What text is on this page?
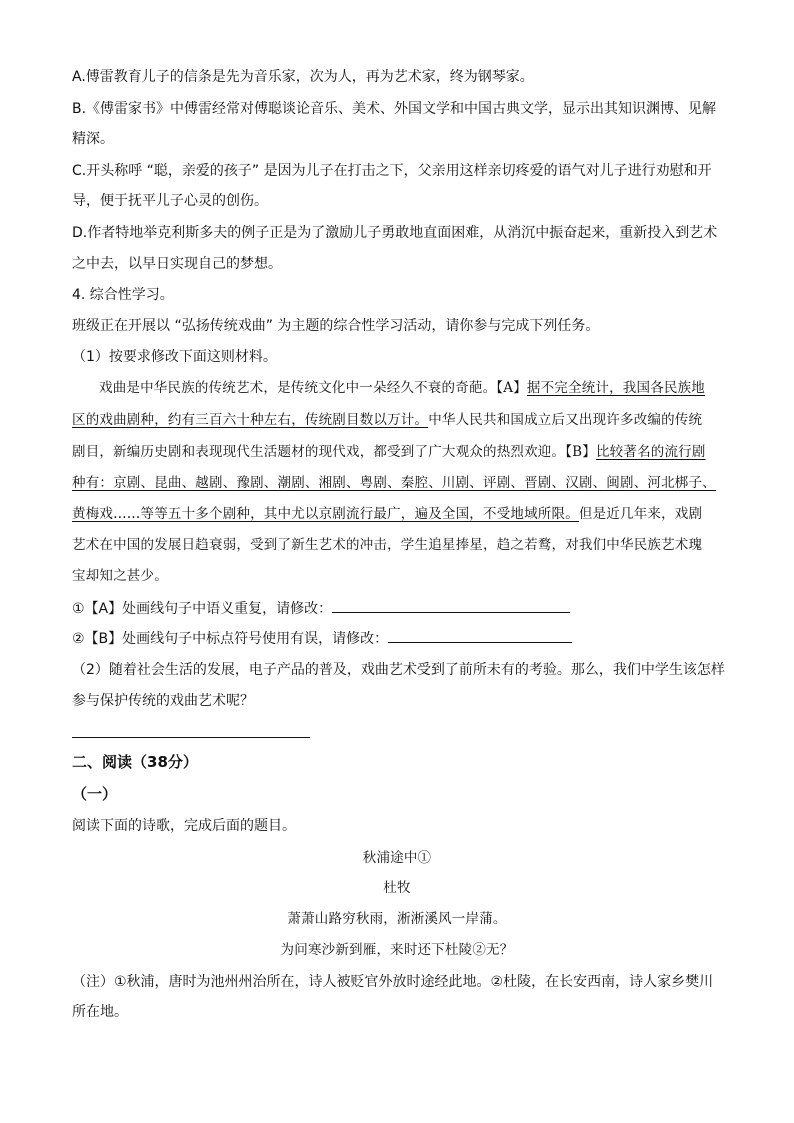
A.傅雷教育儿子的信条是先为音乐家，次为人，再为艺术家，终为钢琴家。
B.《傅雷家书》中傅雷经常对傅聪谈论音乐、美术、外国文学和中国古典文学，显示出其知识渊博、见解
精深。
C.开头称呼 “聪，亲爱的孩子” 是因为儿子在打击之下，父亲用这样亲切疼爱的语气对儿子进行劝慰和开
导，便于抚平儿子心灵的创伤。
D.作者特地举克利斯多夫的例子正是为了激励儿子勇敢地直面困难，从消沉中振奋起来，重新投入到艺术
之中去，以早日实现自己的梦想。
4. 综合性学习。
班级正在开展以 “弘扬传统戏曲” 为主题的综合性学习活动，请你参与完成下列任务。
（1）按要求修改下面这则材料。
戏曲是中华民族的传统艺术，是传统文化中一朵经久不衰的奇葩。【A】据不完全统计，我国各民族地
区的戏曲剧种，约有三百六十种左右，传统剧目数以万计。中华人民共和国成立后又出现许多改编的传统
剧目，新编历史剧和表现现代生活题材的现代戏，都受到了广大观众的热烈欢迎。【B】比较著名的流行剧
种有：京剧、昆曲、越剧、豫剧、潮剧、湘剧、粤剧、秦腔、川剧、评剧、晋剧、汉剧、闽剧、河北梆子、
黄梅戏……等等五十多个剧种，其中尤以京剧流行最广，遍及全国，不受地域所限。但是近几年来，戏剧
艺术在中国的发展日趋衰弱，受到了新生艺术的冲击，学生追星捧星，趋之若鹜，对我们中华民族艺术瑰
宝却知之甚少。
①【A】处画线句子中语义重复，请修改：
②【B】处画线句子中标点符号使用有误，请修改：
（2）随着社会生活的发展，电子产品的普及，戏曲艺术受到了前所未有的考验。那么，我们中学生该怎样
参与保护传统的戏曲艺术呢？
二、阅读（38分）
（一）
阅读下面的诗歌，完成后面的题目。
秋浦途中①
杜牧
萧萧山路穷秋雨，淅淅溪风一岸蒲。
为问寒沙新到雁，来时还下杜陵②无？
（注）①秋浦，唐时为池州州治所在，诗人被贬官外放时途经此地。②杜陵，在长安西南，诗人家乡樊川
所在地。
